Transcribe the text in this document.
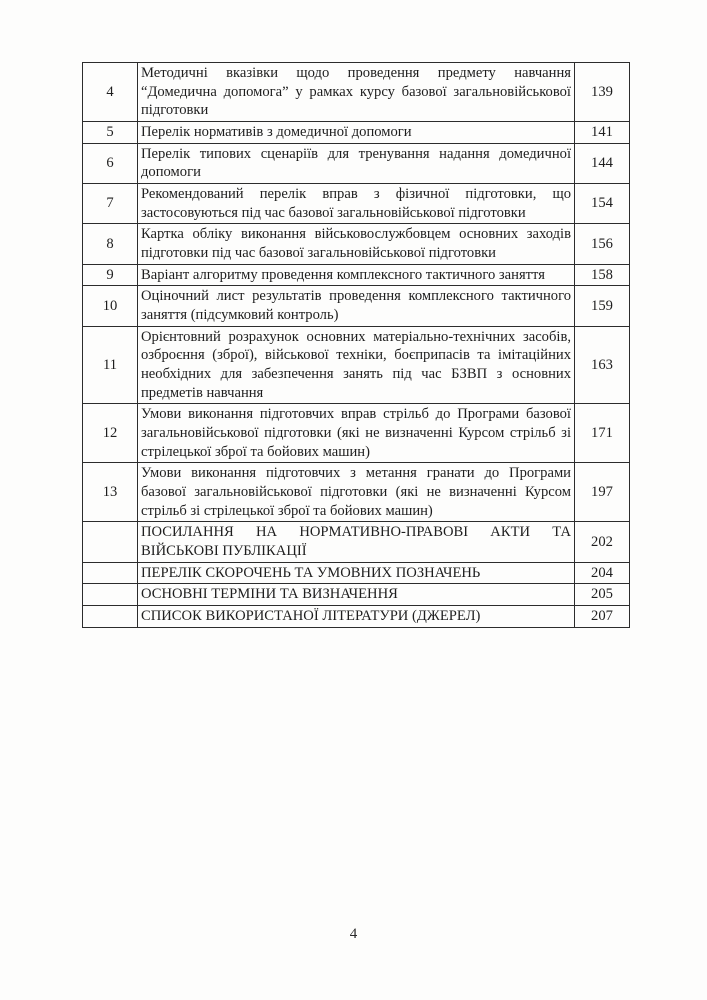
4	Методичні вказівки щодо проведення предмету навчання “Домедична допомога” у рамках курсу базової загальновійськової підготовки	139
5	Перелік нормативів з домедичної допомоги	141
6	Перелік типових сценаріїв для тренування надання домедичної допомоги	144
7	Рекомендований перелік вправ з фізичної підготовки, що застосовуються під час базової загальновійськової підготовки	154
8	Картка обліку виконання військовослужбовцем основних заходів підготовки під час базової загальновійськової підготовки	156
9	Варіант алгоритму проведення комплексного тактичного заняття	158
10	Оціночний лист результатів проведення комплексного тактичного заняття (підсумковий контроль)	159
11	Орієнтовний розрахунок основних матеріально-технічних засобів, озброєння (зброї), військової техніки, боєприпасів та імітаційних необхідних для забезпечення занять під час БЗВП з основних предметів навчання	163
12	Умови виконання підготовчих вправ стрільб до Програми базової загальновійськової підготовки (які не визначенні Курсом стрільб зі стрілецької зброї та бойових машин)	171
13	Умови виконання підготовчих з метання гранати до Програми базової загальновійськової підготовки (які не визначенні Курсом стрільб зі стрілецької зброї та бойових машин)	197
	ПОСИЛАННЯ НА НОРМАТИВНО-ПРАВОВІ АКТИ ТА ВІЙСЬКОВІ ПУБЛІКАЦІЇ	202
	ПЕРЕЛІК СКОРОЧЕНЬ ТА УМОВНИХ ПОЗНАЧЕНЬ	204
	ОСНОВНІ ТЕРМІНИ ТА ВИЗНАЧЕННЯ	205
	СПИСОК ВИКОРИСТАНОЇ ЛІТЕРАТУРИ (ДЖЕРЕЛ)	207
4
